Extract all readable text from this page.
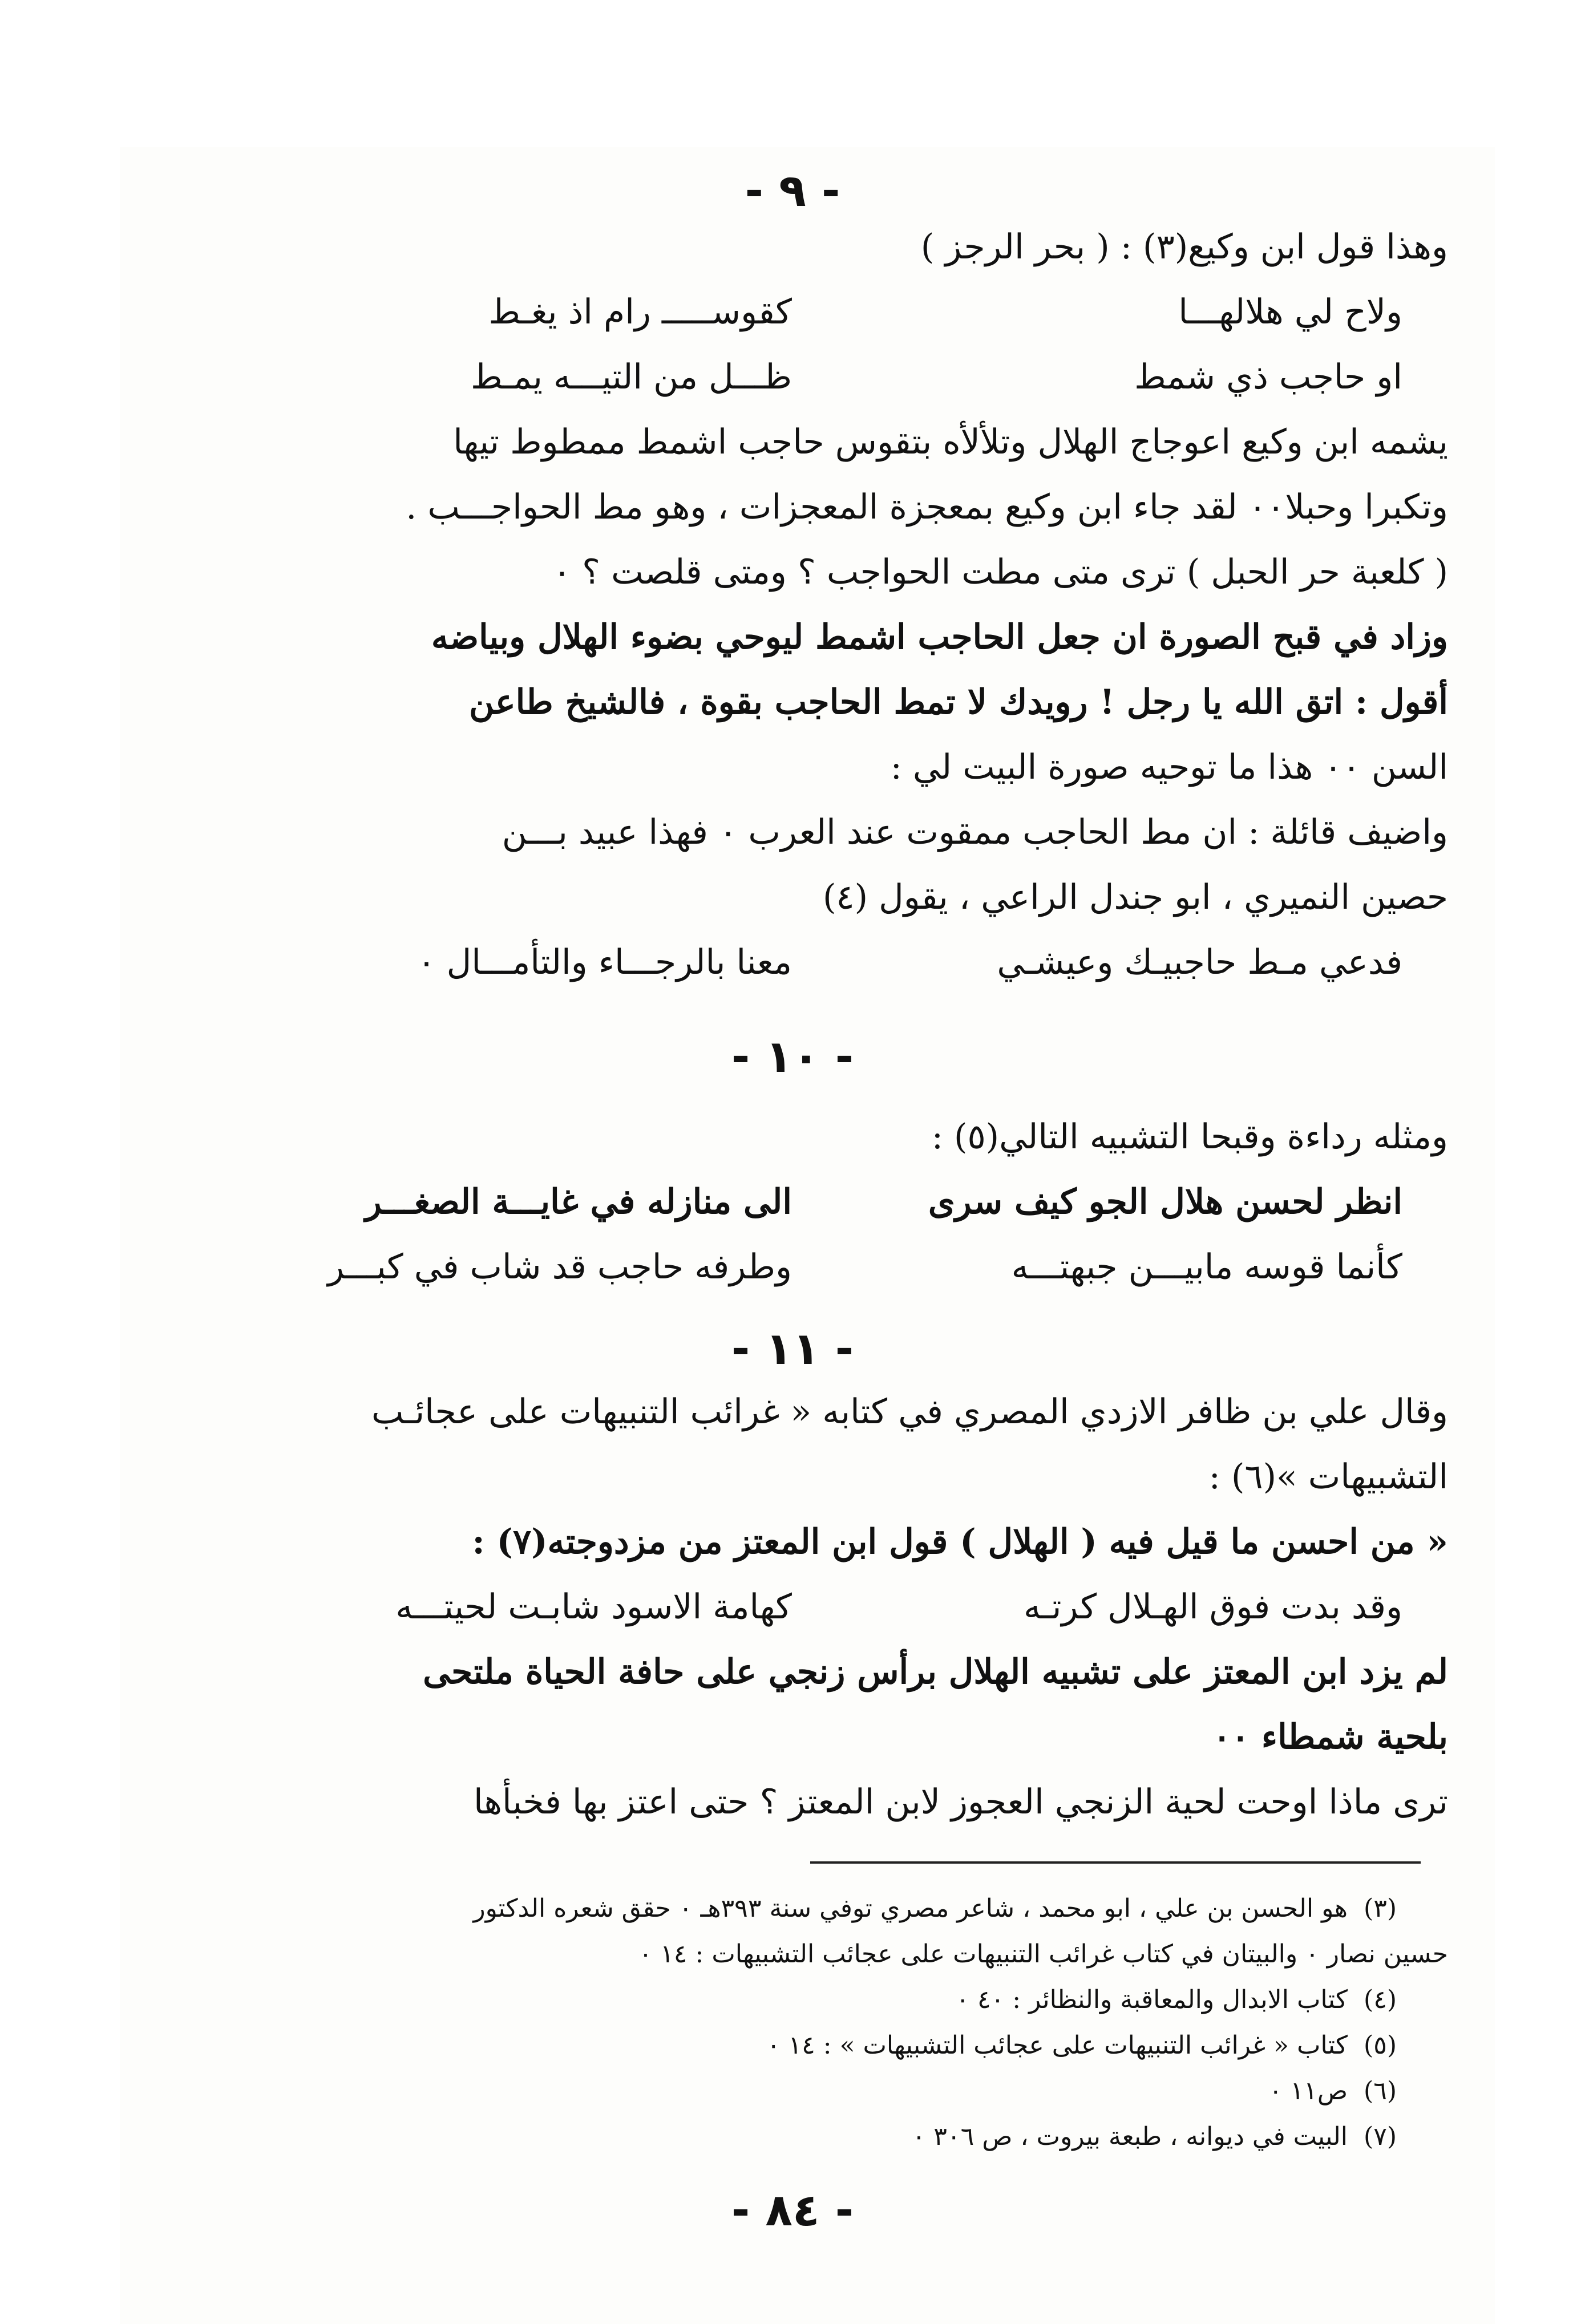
- ٩ -
وهذا قول ابن وكيع(٣) : ( بحر الرجز )
ولاح لي هلالهـــا
كقوســـــ رام اذ يغـط
او حاجب ذي شمط
ظـــل من التيـــه يمـط
يشمه ابن وكيع اعوجاج الهلال وتلألأه بتقوس حاجب اشمط ممطوط تيها
وتكبرا وحبلا٠٠ لقد جاء ابن وكيع بمعجزة المعجزات ، وهو مط الحواجـــب .
( كلعبة حر الحبل ) ترى متى مطت الحواجب ؟ ومتى قلصت ؟ ٠
وزاد في قبح الصورة ان جعل الحاجب اشمط ليوحي بضوء الهلال وبياضه
أقول : اتق الله يا رجل ! رويدك لا تمط الحاجب بقوة ، فالشيخ طاعن
السن ٠٠ هذا ما توحيه صورة البيت لي :
واضيف قائلة : ان مط الحاجب ممقوت عند العرب ٠ فهذا عبيد بـــن
حصين النميري ، ابو جندل الراعي ، يقول (٤)
فدعي مـط حاجبيـك وعيشـي
معنا بالرجـــاء والتأمـــال ٠
- ١٠ -
ومثله رداءة وقبحا التشبيه التالي(٥) :
انظر لحسن هلال الجو كيف سرى
الى منازله في غايـــة الصغـــر
كأنما قوسه مابيـــن جبهتـــه
وطرفه حاجب قد شاب في كبـــر
- ١١ -
وقال علي بن ظافر الازدي المصري في كتابه « غرائب التنبيهات على عجائـب
التشبيهات »(٦) :
« من احسن ما قيل فيه ( الهلال ) قول ابن المعتز من مزدوجته(٧) :
وقد بدت فوق الهـلال كرتـه
كهامة الاسود شابـت لحيتـــه
لم يزد ابن المعتز على تشبيه الهلال برأس زنجي على حافة الحياة ملتحى
بلحية شمطاء ٠٠
ترى ماذا اوحت لحية الزنجي العجوز لابن المعتز ؟ حتى اعتز بها فخبأها
(٣)هو الحسن بن علي ، ابو محمد ، شاعر مصري توفي سنة ٣٩٣هـ ٠ حقق شعره الدكتور
حسين نصار ٠ والبيتان في كتاب غرائب التنبيهات على عجائب التشبيهات : ١٤ ٠
(٤)كتاب الابدال والمعاقبة والنظائر : ٤٠ ٠
(٥)كتاب « غرائب التنبيهات على عجائب التشبيهات » : ١٤ ٠
(٦)ص١١ ٠
(٧)البيت في ديوانه ، طبعة بيروت ، ص ٣٠٦ ٠
- ٨٤ -
